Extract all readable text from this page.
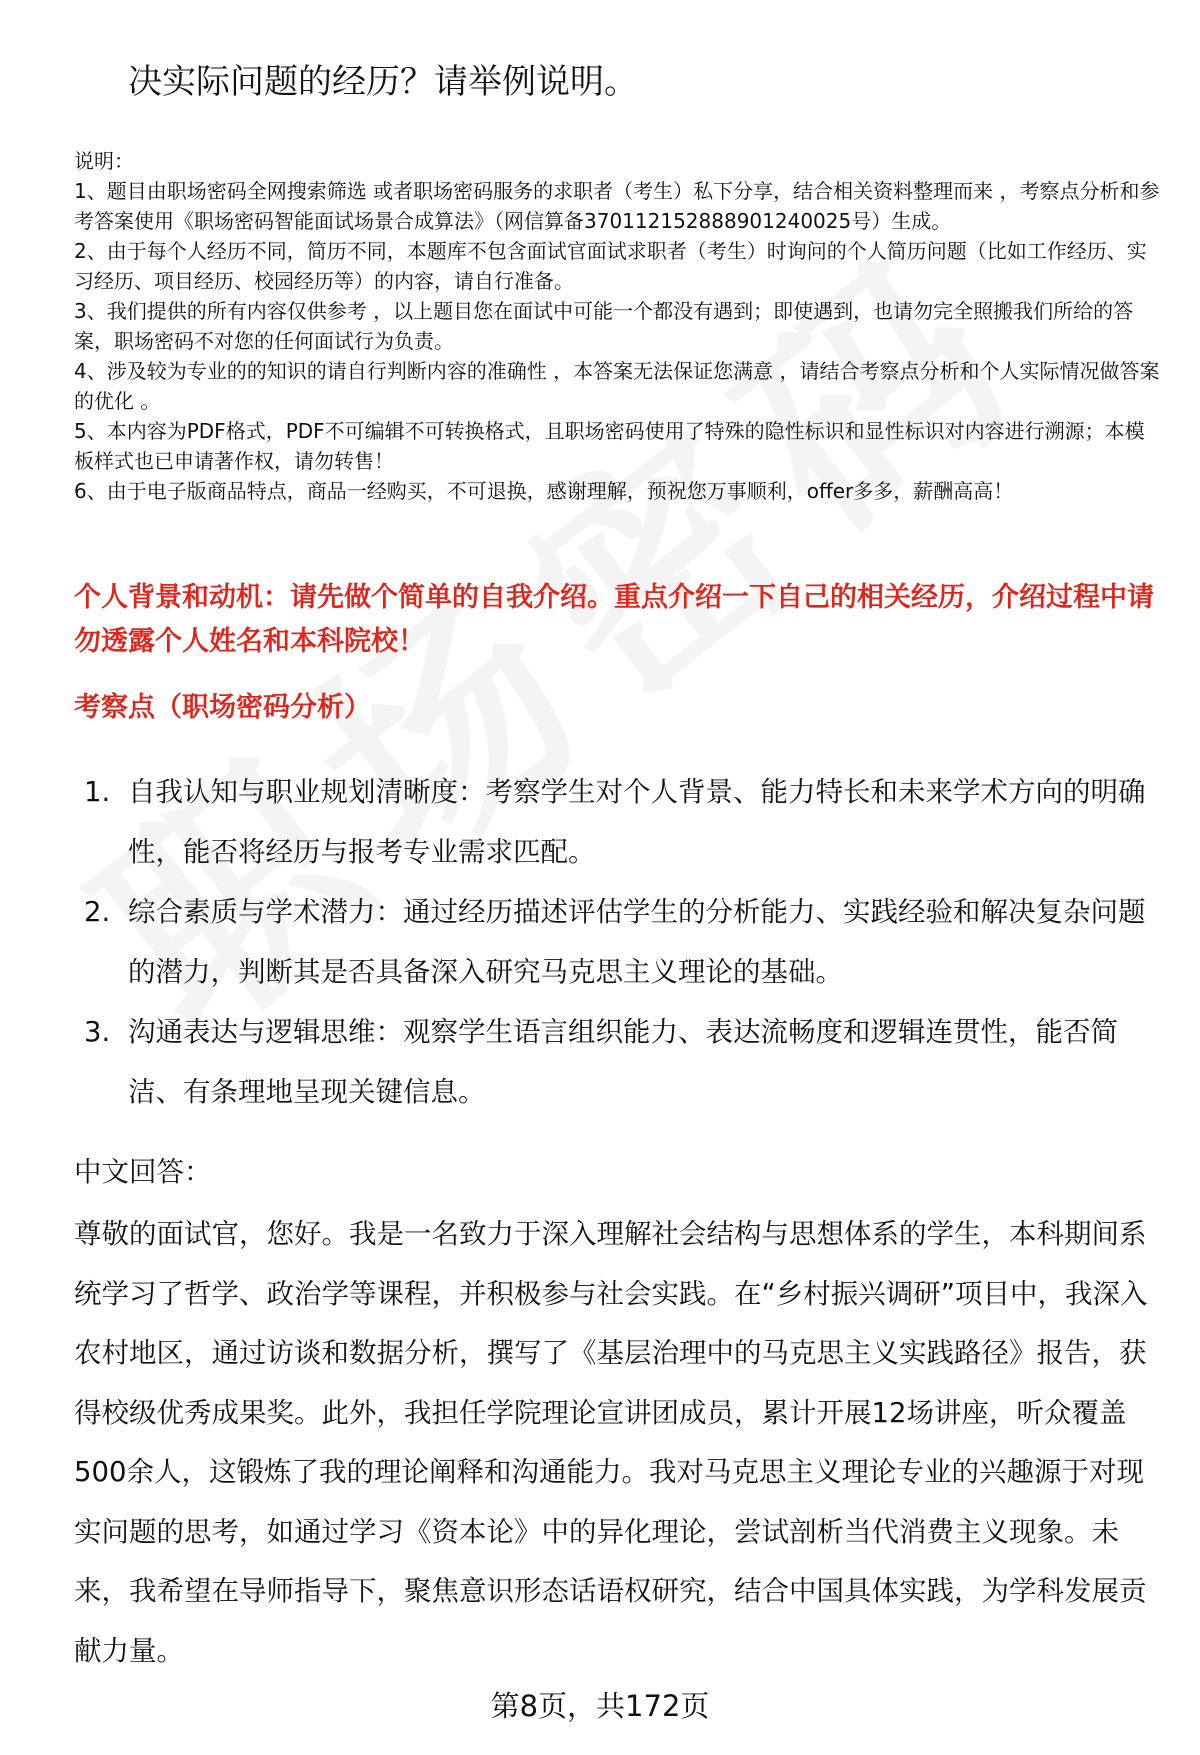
决实际问题的经历？请举例说明。

说明：

1、题目由职场密码全网搜索筛选 或者职场密码服务的求职者（考生）私下分享，结合相关资料整理而来 ，考察点分析和参考答案使用《职场密码智能面试场景合成算法》（网信算备370112152888901240025号）生成。

2、由于每个人经历不同，简历不同，本题库不包含面试官面试求职者（考生）时询问的个人简历问题（比如工作经历、实习经历、项目经历、校园经历等）的内容，请自行准备。

3、我们提供的所有内容仅供参考 ，以上题目您在面试中可能一个都没有遇到；即使遇到，也请勿完全照搬我们所给的答案，职场密码不对您的任何面试行为负责。

4、涉及较为专业的的知识的请自行判断内容的准确性 ，本答案无法保证您满意 ，请结合考察点分析和个人实际情况做答案的优化 。

5、本内容为PDF格式，PDF不可编辑不可转换格式，且职场密码使用了特殊的隐性标识和显性标识对内容进行溯源；本模板样式也已申请著作权，请勿转售！

6、由于电子版商品特点，商品一经购买，不可退换，感谢理解，预祝您万事顺利，offer多多，薪酬高高！

个人背景和动机：请先做个简单的自我介绍。重点介绍一下自己的相关经历，介绍过程中请勿透露个人姓名和本科院校！
考察点（职场密码分析）
1. 自我认知与职业规划清晰度：考察学生对个人背景、能力特长和未来学术方向的明确性，能否将经历与报考专业需求匹配。
2. 综合素质与学术潜力：通过经历描述评估学生的分析能力、实践经验和解决复杂问题的潜力，判断其是否具备深入研究马克思主义理论的基础。
3. 沟通表达与逻辑思维：观察学生语言组织能力、表达流畅度和逻辑连贯性，能否简洁、有条理地呈现关键信息。
中文回答：

尊敬的面试官，您好。我是一名致力于深入理解社会结构与思想体系的学生，本科期间系统学习了哲学、政治学等课程，并积极参与社会实践。在“乡村振兴调研”项目中，我深入农村地区，通过访谈和数据分析，撰写了《基层治理中的马克思主义实践路径》报告，获得校级优秀成果奖。此外，我担任学院理论宣讲团成员，累计开展12场讲座，听众覆盖500余人，这锻炼了我的理论阐释和沟通能力。我对马克思主义理论专业的兴趣源于对现实问题的思考，如通过学习《资本论》中的异化理论，尝试剖析当代消费主义现象。未来，我希望在导师指导下，聚焦意识形态话语权研究，结合中国具体实践，为学科发展贡献力量。

第8页，共172页
